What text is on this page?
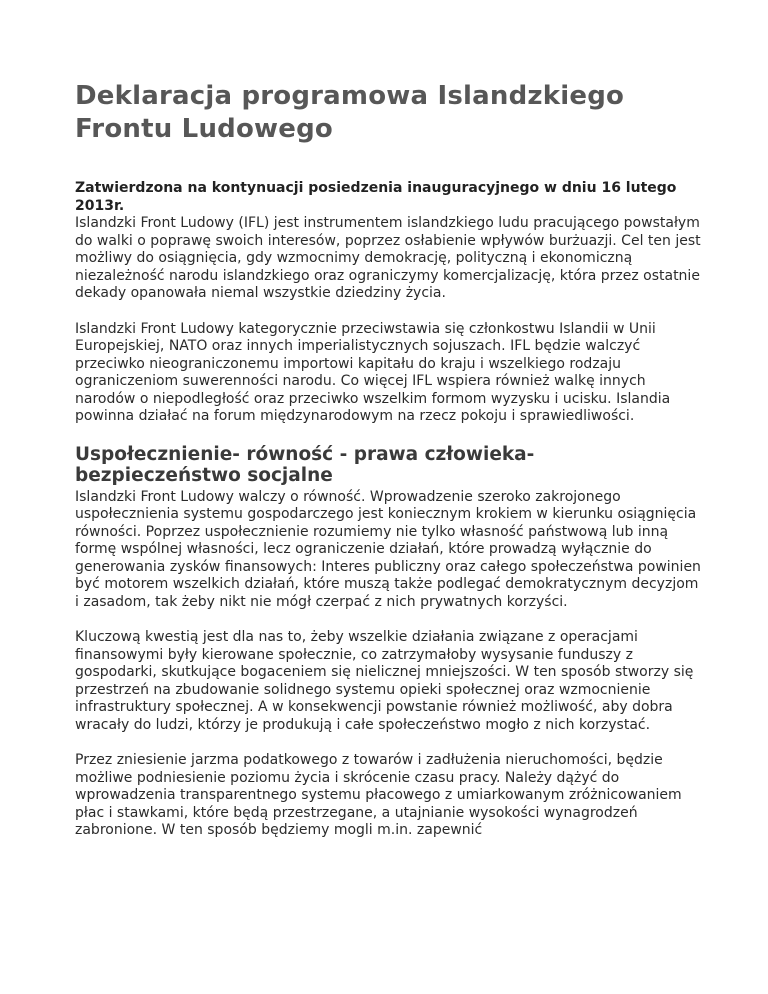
Deklaracja programowa Islandzkiego Frontu Ludowego
Zatwierdzona na kontynuacji posiedzenia inauguracyjnego w dniu 16 lutego 2013r.

Islandzki Front Ludowy (IFL) jest instrumentem islandzkiego ludu pracującego powstałym do walki o poprawę swoich interesów, poprzez osłabienie wpływów burżuazji. Cel ten jest możliwy do osiągnięcia, gdy wzmocnimy demokrację, polityczną i ekonomiczną niezależność narodu islandzkiego oraz ograniczymy komercjalizację, która przez ostatnie dekady opanowała niemal wszystkie dziedziny życia.

Islandzki Front Ludowy kategorycznie przeciwstawia się członkostwu Islandii w Unii Europejskiej, NATO oraz innych imperialistycznych sojuszach. IFL będzie walczyć przeciwko nieograniczonemu importowi kapitału do kraju i wszelkiego rodzaju ograniczeniom suwerenności narodu. Co więcej IFL wspiera również walkę innych narodów o niepodległość oraz przeciwko wszelkim formom wyzysku i ucisku. Islandia powinna działać na forum międzynarodowym na rzecz pokoju i sprawiedliwości.

Uspołecznienie- równość - prawa człowieka- bezpieczeństwo socjalne

Islandzki Front Ludowy walczy o równość. Wprowadzenie szeroko zakrojonego uspołecznienia systemu gospodarczego jest koniecznym krokiem w kierunku osiągnięcia równości. Poprzez uspołecznienie rozumiemy nie tylko własność państwową lub inną formę wspólnej własności, lecz ograniczenie działań, które prowadzą wyłącznie do generowania zysków finansowych: Interes publiczny oraz całego społeczeństwa powinien być motorem wszelkich działań, które muszą także podlegać demokratycznym decyzjom i zasadom, tak żeby nikt nie mógł czerpać z nich prywatnych korzyści.

Kluczową kwestią jest dla nas to, żeby wszelkie działania związane z operacjami finansowymi były kierowane społecznie, co zatrzymałoby wysysanie funduszy z gospodarki, skutkujące bogaceniem się nielicznej mniejszości. W ten sposób stworzy się przestrzeń na zbudowanie solidnego systemu opieki społecznej oraz wzmocnienie infrastruktury społecznej. A w konsekwencji powstanie również możliwość, aby dobra wracały do ludzi, którzy je produkują i całe społeczeństwo mogło z nich korzystać.

Przez zniesienie jarzma podatkowego z towarów i zadłużenia nieruchomości, będzie możliwe podniesienie poziomu życia i skrócenie czasu pracy. Należy dążyć do wprowadzenia transparentnego systemu płacowego z umiarkowanym zróżnicowaniem płac i stawkami, które będą przestrzegane, a utajnianie wysokości wynagrodzeń zabronione. W ten sposób będziemy mogli m.in. zapewnić
